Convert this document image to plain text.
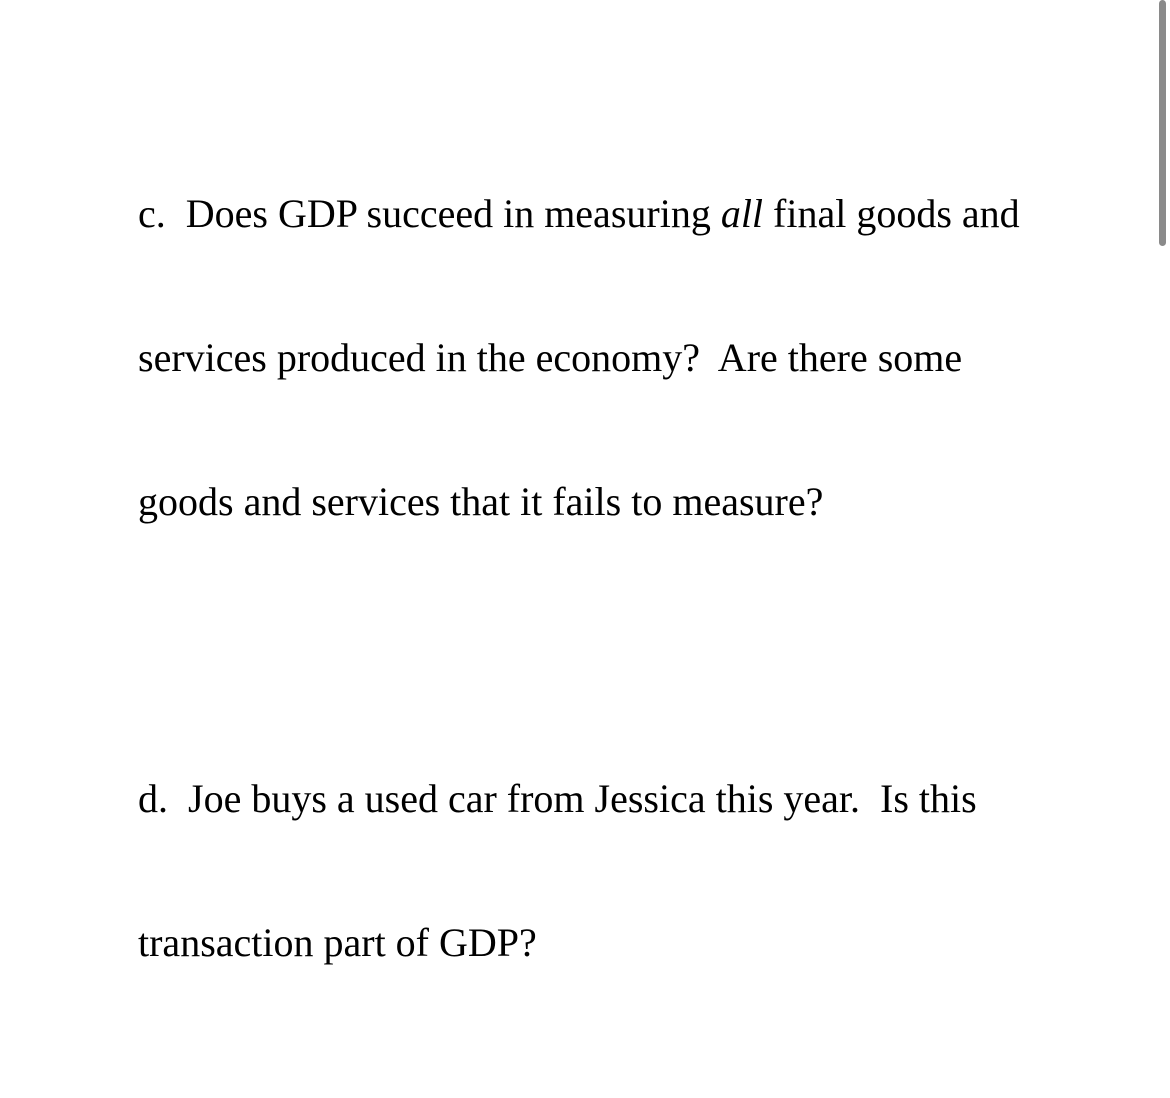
c.  Does GDP succeed in measuring all final goods and

services produced in the economy?  Are there some

goods and services that it fails to measure?

d.  Joe buys a used car from Jessica this year.  Is this

transaction part of GDP?
